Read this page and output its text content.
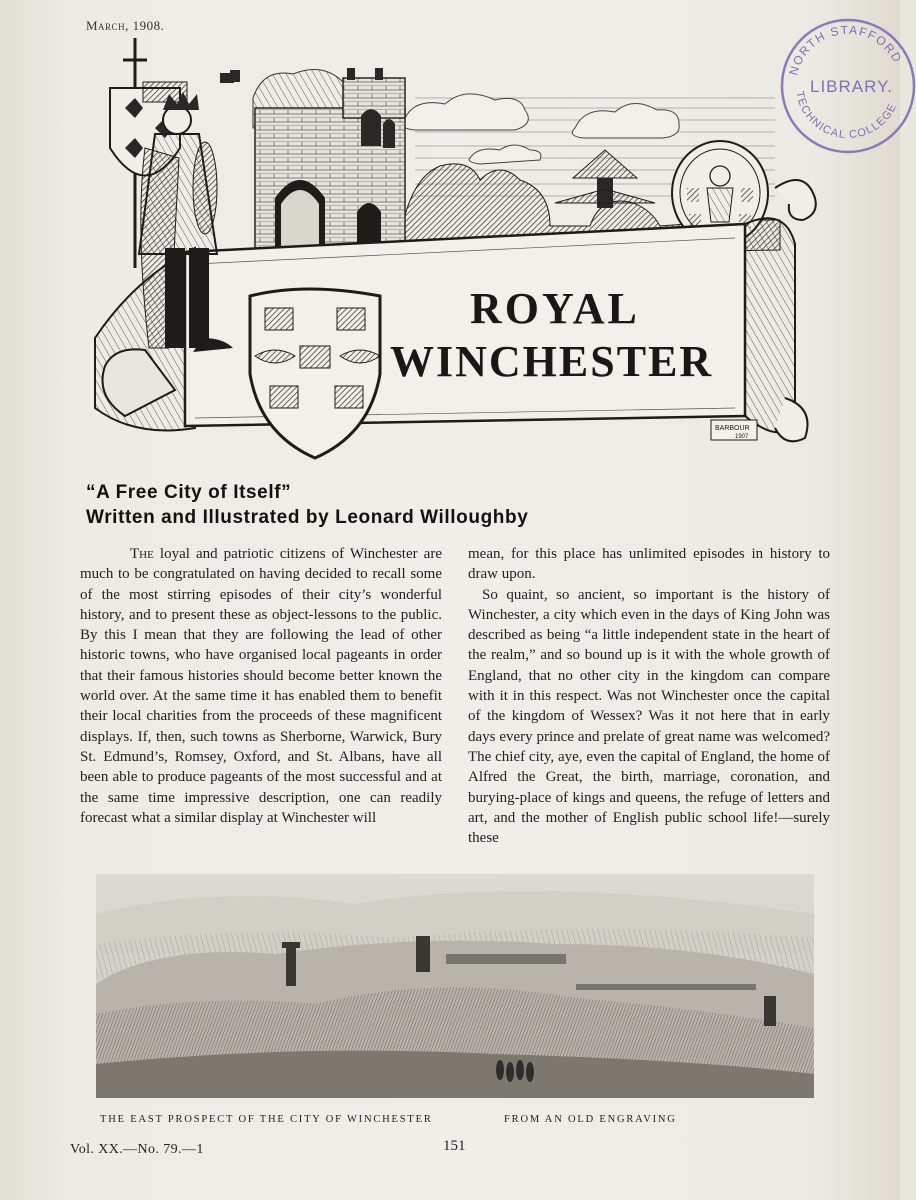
March, 1908.
NORTH STAFFORD
LIBRARY.
TECHNICAL COLLEGE
ROYAL
WINCHESTER
BARBOUR
1907
“A Free City of Itself”
Written and Illustrated by Leonard Willoughby

The loyal and patriotic citizens of Winchester are much to be congratulated on having decided to recall some of the most stirring episodes of their city’s wonderful history, and to present these as object-lessons to the public. By this I mean that they are following the lead of other historic towns, who have organised local pageants in order that their famous histories should become better known the world over. At the same time it has enabled them to benefit their local charities from the proceeds of these magnificent displays. If, then, such towns as Sherborne, Warwick, Bury St. Edmund’s, Romsey, Oxford, and St. Albans, have all been able to produce pageants of the most successful and at the same time impressive description, one can readily forecast what a similar display at Winchester will

mean, for this place has unlimited episodes in history to draw upon.

So quaint, so ancient, so important is the history of Winchester, a city which even in the days of King John was described as being “a little independent state in the heart of the realm,” and so bound up is it with the whole growth of England, that no other city in the kingdom can compare with it in this respect. Was not Winchester once the capital of the kingdom of Wessex? Was it not here that in early days every prince and prelate of great name was welcomed? The chief city, aye, even the capital of England, the home of Alfred the Great, the birth, marriage, coronation, and burying-place of kings and queens, the refuge of letters and art, and the mother of English public school life!—surely these

THE EAST PROSPECT OF THE CITY OF WINCHESTER	FROM AN OLD ENGRAVING
Vol. XX.—No. 79.—1	151
